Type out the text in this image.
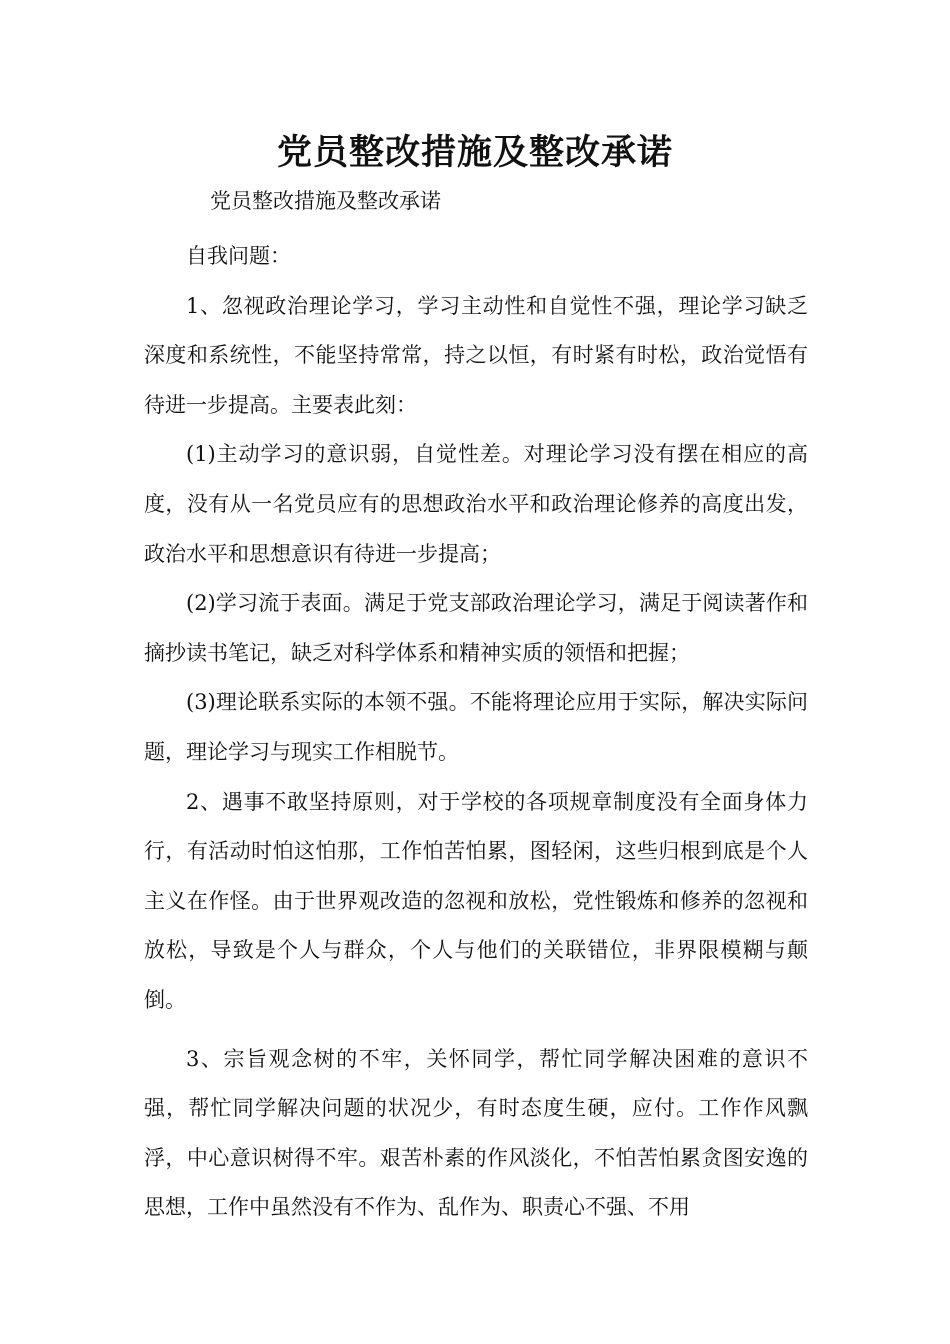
党员整改措施及整改承诺

党员整改措施及整改承诺

自我问题：

1、忽视政治理论学习，学习主动性和自觉性不强，理论学习缺乏深度和系统性，不能坚持常常，持之以恒，有时紧有时松，政治觉悟有待进一步提高。主要表此刻：

(1)主动学习的意识弱，自觉性差。对理论学习没有摆在相应的高度，没有从一名党员应有的思想政治水平和政治理论修养的高度出发，政治水平和思想意识有待进一步提高；

(2)学习流于表面。满足于党支部政治理论学习，满足于阅读著作和摘抄读书笔记，缺乏对科学体系和精神实质的领悟和把握；

(3)理论联系实际的本领不强。不能将理论应用于实际，解决实际问题，理论学习与现实工作相脱节。

2、遇事不敢坚持原则，对于学校的各项规章制度没有全面身体力行，有活动时怕这怕那，工作怕苦怕累，图轻闲，这些归根到底是个人主义在作怪。由于世界观改造的忽视和放松，党性锻炼和修养的忽视和放松，导致是个人与群众，个人与他们的关联错位，非界限模糊与颠倒。

3、宗旨观念树的不牢，关怀同学，帮忙同学解决困难的意识不强，帮忙同学解决问题的状况少，有时态度生硬，应付。工作作风飘浮，中心意识树得不牢。艰苦朴素的作风淡化，不怕苦怕累贪图安逸的思想，工作中虽然没有不作为、乱作为、职责心不强、不用
